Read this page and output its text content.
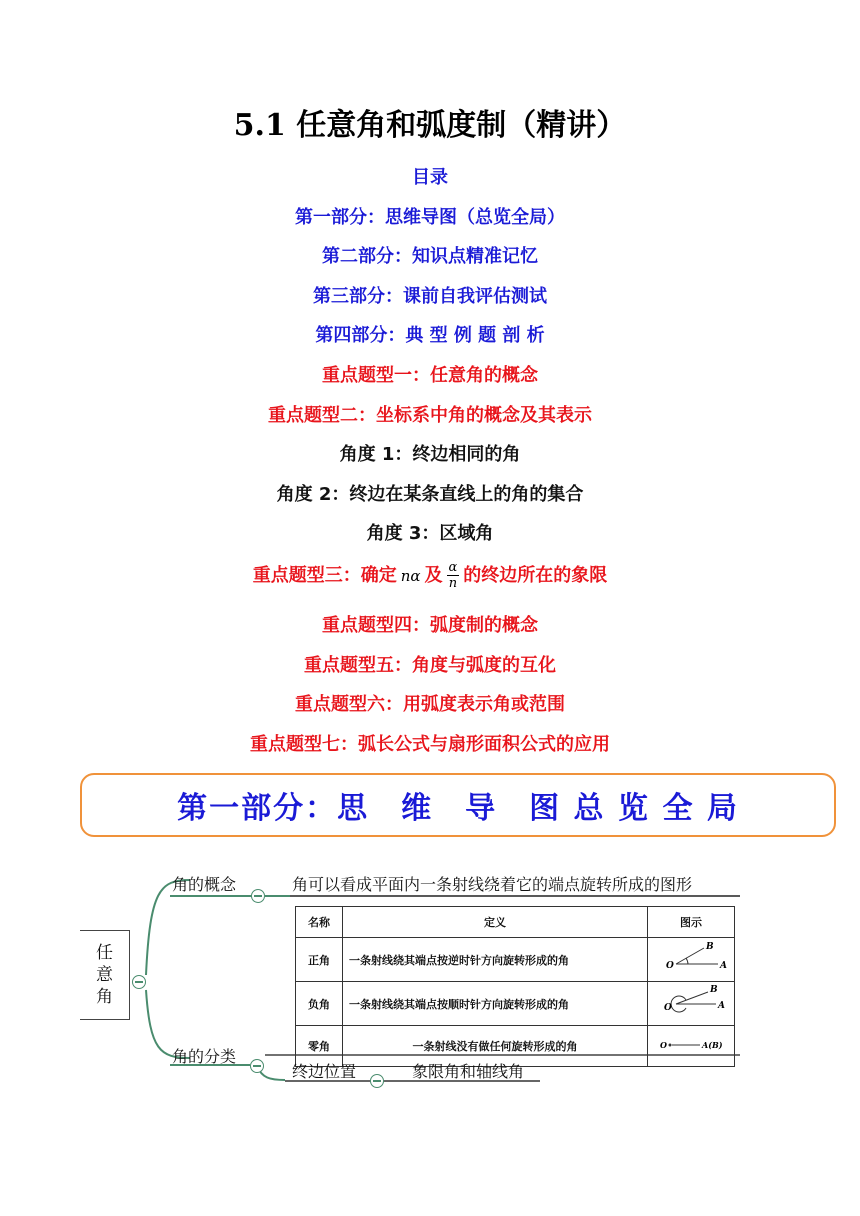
5.1 任意角和弧度制（精讲）
目录
第一部分：思维导图（总览全局）
第二部分：知识点精准记忆
第三部分：课前自我评估测试
第四部分：典 型 例 题 剖 析
重点题型一：任意角的概念
重点题型二：坐标系中角的概念及其表示
角度 1：终边相同的角
角度 2：终边在某条直线上的角的集合
角度 3：区域角
重点题型三：确定 nα 及 $\frac{\alpha}{n}$ 的终边所在的象限
重点题型四：弧度制的概念
重点题型五：角度与弧度的互化
重点题型六：用弧度表示角或范围
重点题型七：弧长公式与扇形面积公式的应用
第一部分：思　维　导　图 总 览 全 局
任
意
角
角的概念	角可以看成平面内一条射线绕着它的端点旋转所成的图形
名称	定义	图示
正角	一条射线绕其端点按逆时针方向旋转形成的角	O A
B

负角	一条射线绕其端点按顺时针方向旋转形成的角	O A
B

零角	一条射线没有做任何旋转形成的角	O A(B)
角的分类
终边位置	象限角和轴线角
